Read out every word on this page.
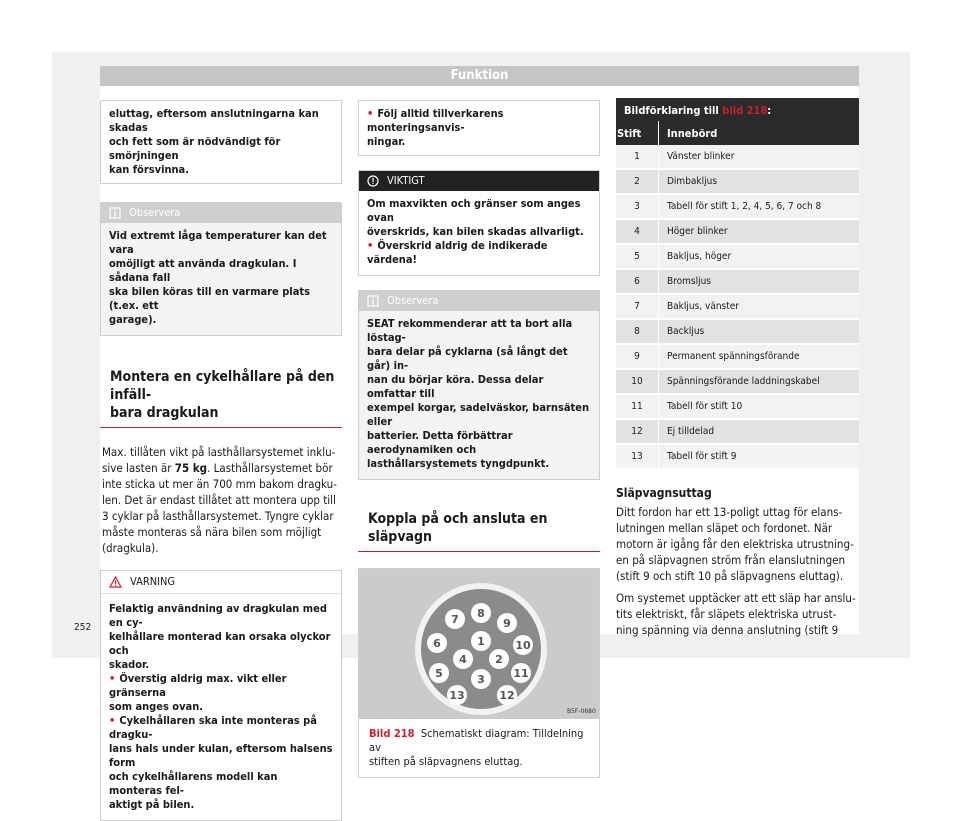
Funktion
eluttag, eftersom anslutningarna kan skadas
och fett som är nödvändigt för smörjningen
kan försvinna.
Observera
Vid extremt låga temperaturer kan det vara
omöjligt att använda dragkulan. I sådana fall
ska bilen köras till en varmare plats (t.ex. ett
garage).
Montera en cykelhållare på den infäll-
bara dragkulan
Max. tillåten vikt på lasthållarsystemet inklu-
sive lasten är 75 kg. Lasthållarsystemet bör
inte sticka ut mer än 700 mm bakom dragku-
len. Det är endast tillåtet att montera upp till
3 cyklar på lasthållarsystemet. Tyngre cyklar
måste monteras så nära bilen som möjligt
(dragkula).
VARNING
Felaktig användning av dragkulan med en cy-
kelhållare monterad kan orsaka olyckor och
skador.
• Överstig aldrig max. vikt eller gränserna
som anges ovan.
• Cykelhållaren ska inte monteras på dragku-
lans hals under kulan, eftersom halsens form
och cykelhållarens modell kan monteras fel-
aktigt på bilen.
• Följ alltid tillverkarens monteringsanvis-
ningar.
VIKTIGT
Om maxvikten och gränser som anges ovan
överskrids, kan bilen skadas allvarligt.
• Överskrid aldrig de indikerade värdena!
Observera
SEAT rekommenderar att ta bort alla löstag-
bara delar på cyklarna (så långt det går) in-
nan du börjar köra. Dessa delar omfattar till
exempel korgar, sadelväskor, barnsäten eller
batterier. Detta förbättrar aerodynamiken och
lasthållarsystemets tyngdpunkt.
Koppla på och ansluta en släpvagn
1
2
3
4
5
6
7 8
9
10
11
12
13
B5F-0680
Bild 218 Schematiskt diagram: Tilldelning av
stiften på släpvagnens eluttag.
Bildförklaring till bild 218:
Stift	Innebörd
1	Vänster blinker
2	Dimbakljus
3	Tabell för stift 1, 2, 4, 5, 6, 7 och 8
4	Höger blinker
5	Bakljus, höger
6	Bromsljus
7	Bakljus, vänster
8	Backljus
9	Permanent spänningsförande
10	Spänningsförande laddningskabel
11	Tabell för stift 10
12	Ej tilldelad
13	Tabell för stift 9
Släpvagnsuttag
Ditt fordon har ett 13-poligt uttag för elans-
lutningen mellan släpet och fordonet. När
motorn är igång får den elektriska utrustning-
en på släpvagnen ström från elanslutningen
(stift 9 och stift 10 på släpvagnens eluttag).
Om systemet upptäcker att ett släp har anslu-
tits elektriskt, får släpets elektriska utrust-
ning spänning via denna anslutning (stift 9
252
